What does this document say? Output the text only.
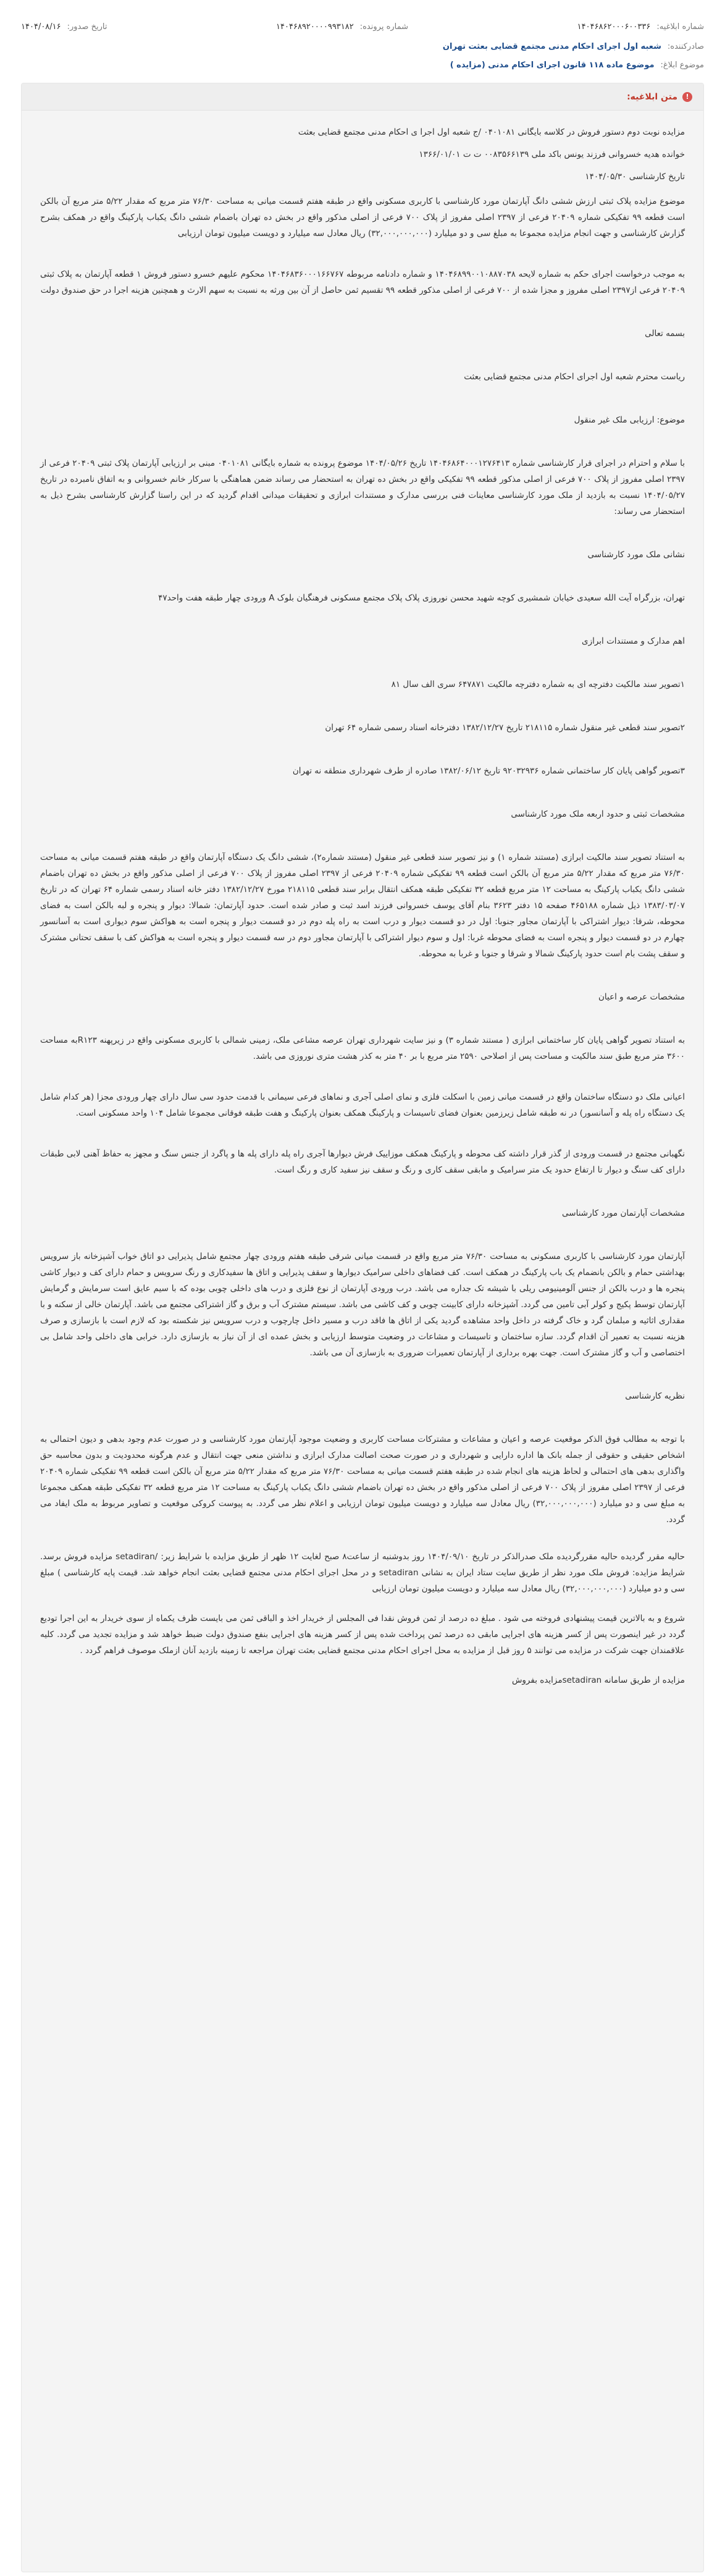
شماره ابلاغیه:
۱۴۰۴۶۸۶۲۰۰۰۶۰۰۳۳۶
شماره پرونده:
۱۴۰۴۶۸۹۲۰۰۰۰۹۹۳۱۸۲
تاریخ صدور:
۱۴۰۴/۰۸/۱۶
صادرکننده:
شعبه اول اجرای احکام مدنی مجتمع قضایی بعثت تهران
موضوع ابلاغ:
موضوع ماده ۱۱۸ قانون اجرای احکام مدنی (مزایده )
!
متن ابلاغیه:

مزایده نوبت دوم دستور فروش در کلاسه بایگانی ۰۴۰۱۰۸۱ /ج شعبه اول اجرا ی احکام مدنی مجتمع قضایی بعثت

خوانده هدیه خسروانی فرزند یونس باکد ملی ۰۰۸۳۵۶۶۱۳۹ ت ت ۱۳۶۶/۰۱/۰۱

تاریخ کارشناسی ۱۴۰۴/۰۵/۳۰

موضوع مزایده پلاک ثبتی ارزش ششی دانگ آپارتمان مورد کارشناسی با کاربری مسکونی واقع در طبقه هفتم قسمت میانی به مساحت ۷۶/۳۰ متر مربع که مقدار ۵/۲۲ متر مربع آن بالکن است قطعه ۹۹ تفکیکی شماره ۲۰۴۰۹ فرعی از ۲۳۹۷ اصلی مفروز از پلاک ۷۰۰ فرعی از اصلی مذکور واقع در بخش ده تهران باضمام ششی دانگ یکباب پارکینگ واقع در همکف بشرح گزارش کارشناسی و جهت انجام مزایده مجموعا به مبلغ سی و دو میلیارد (۳۲,۰۰۰,۰۰۰,۰۰۰) ریال معادل سه میلیارد و دویست میلیون تومان ارزیابی

به موجب درخواست اجرای حکم به شماره لایحه ۱۴۰۴۶۸۹۹۰۰۱۰۸۸۷۰۳۸ و شماره دادنامه مربوطه ۱۴۰۴۶۸۳۶۰۰۰۱۶۶۷۶۷ محکوم علیهم خسرو دستور فروش ۱ قطعه آپارتمان به پلاک ثبتی ۲۰۴۰۹ فرعی از۲۳۹۷ اصلی مفروز و مجزا شده از ۷۰۰ فرعی از اصلی مذکور قطعه ۹۹ تقسیم ثمن حاصل از آن بین ورثه به نسبت به سهم الارث و همچنین هزینه اجرا در حق صندوق دولت

بسمه تعالی

ریاست محترم شعبه اول اجرای احکام مدنی مجتمع قضایی بعثت

موضوع: ارزیابی ملک غیر منقول

با سلام و احترام در اجرای قرار کارشناسی شماره ۱۴۰۴۶۸۶۴۰۰۰۱۲۷۶۴۱۳ تاریخ ۱۴۰۴/۰۵/۲۶ موضوع پرونده به شماره بایگانی ۰۴۰۱۰۸۱ مبنی بر ارزیابی آپارتمان پلاک ثبتی ۲۰۴۰۹ فرعی از ۲۳۹۷ اصلی مفروز از پلاک ۷۰۰ فرعی از اصلی مذکور قطعه ۹۹ تفکیکی واقع در بخش ده تهران به استحضار می رساند ضمن هماهنگی با سرکار خانم خسروانی و به اتفاق نامبرده در تاریخ ۱۴۰۴/۰۵/۲۷ نسبت به بازدید از ملک مورد کارشناسی معاینات فنی بررسی مدارک و مستندات ابرازی و تحقیقات میدانی اقدام گردید که در این راستا گزارش کارشناسی بشرح ذیل به استحضار می رساند:

نشانی ملک مورد کارشناسی

تهران، بزرگراه آیت الله سعیدی خیابان شمشیری کوچه شهید محسن نوروزی پلاک پلاک مجتمع مسکونی فرهنگیان بلوک A ورودی چهار طبقه هفت واحد۴۷

اهم مدارک و مستندات ابرازی

۱تصویر سند مالکیت دفترچه ای به شماره دفترچه مالکیت ۶۴۷۸۷۱ سری الف سال ۸۱

۲تصویر سند قطعی غیر منقول شماره ۲۱۸۱۱۵ تاریخ ۱۳۸۲/۱۲/۲۷ دفترخانه اسناد رسمی شماره ۶۴ تهران

۳تصویر گواهی پایان کار ساختمانی شماره ۹۲۰۳۲۹۳۶ تاریخ ۱۳۸۲/۰۶/۱۲ صادره از طرف شهرداری منطقه نه تهران

مشخصات ثبتی و حدود اربعه ملک مورد کارشناسی

به استناد تصویر سند مالکیت ابرازی (مستند شماره ۱) و نیز تصویر سند قطعی غیر منقول (مستند شماره۲)، ششی دانگ یک دستگاه آپارتمان واقع در طبقه هفتم قسمت میانی به مساحت ۷۶/۳۰ متر مربع که مقدار ۵/۲۲ متر مربع آن بالکن است قطعه ۹۹ تفکیکی شماره ۲۰۴۰۹ فرعی از ۲۳۹۷ اصلی مفروز از پلاک ۷۰۰ فرعی از اصلی مذکور واقع در بخش ده تهران باضمام ششی دانگ یکباب پارکینگ به مساحت ۱۲ متر مربع قطعه ۳۲ تفکیکی طبقه همکف انتقال برابر سند قطعی ۲۱۸۱۱۵ مورخ ۱۳۸۲/۱۲/۲۷ دفتر خانه اسناد رسمی شماره ۶۴ تهران که در تاریخ ۱۳۸۳/۰۳/۰۷ ذیل شماره ۴۶۵۱۸۸ صفحه ۱۵ دفتر ۳۶۲۳ بنام آقای یوسف خسروانی فرزند اسد ثبت و صادر شده است. حدود آپارتمان: شمالا: دیوار و پنجره و لبه بالکن است به فضای محوطه، شرقا: دیوار اشتراکی با آپارتمان مجاور جنوبا: اول در دو قسمت دیوار و درب است به راه پله دوم در دو قسمت دیوار و پنجره است به هواکش سوم دیواری است به آسانسور چهارم در دو قسمت دیوار و پنجره است به فضای محوطه غربا: اول و سوم دیوار اشتراکی با آپارتمان مجاور دوم در سه قسمت دیوار و پنجره است به هواکش کف با سقف تحتانی مشترک و سقف پشت بام است حدود پارکینگ شمالا و شرقا و جنوبا و غربا به محوطه.

مشخصات عرصه و اعیان

به استناد تصویر گواهی پایان کار ساختمانی ابرازی ( مستند شماره ۳) و نیز سایت شهرداری تهران عرصه مشاعی ملک، زمینی شمالی با کاربری مسکونی واقع در زیرپهنه R۱۲۳به مساحت ۳۶۰۰ متر مربع طبق سند مالکیت و مساحت پس از اصلاحی ۲۵۹۰ متر مربع با بر ۴۰ متر به کذر هشت متری نوروزی می باشد.

اعیانی ملک دو دستگاه ساختمان واقع در قسمت میانی زمین با اسکلت فلزی و نمای اصلی آجری و نماهای فرعی سیمانی با قدمت حدود سی سال دارای چهار ورودی مجزا (هر کدام شامل یک دستگاه راه پله و آسانسور) در نه طبقه شامل زیرزمین بعنوان فضای تاسیسات و پارکینگ همکف بعنوان پارکینگ و هفت طبقه فوقانی مجموعا شامل ۱۰۴ واحد مسکونی است.

نگهبانی مجتمع در قسمت ورودی از گذر قرار داشته کف محوطه و پارکینگ همکف موزاییک فرش دیوارها آجری راه پله دارای پله ها و پاگرد از جنس سنگ و مجهز به حفاظ آهنی لابی طبقات دارای کف سنگ و دیوار تا ارتفاع حدود یک متر سرامیک و مابقی سقف کاری و رنگ و سقف نیز سفید کاری و رنگ است.

مشخصات آپارتمان مورد کارشناسی

آپارتمان مورد کارشناسی با کاربری مسکونی به مساحت ۷۶/۳۰ متر مربع واقع در قسمت میانی شرقی طبقه هفتم ورودی چهار مجتمع شامل پذیرایی دو اتاق خواب آشپزخانه باز سرویس بهداشتی حمام و بالکن بانضمام یک باب پارکینگ در همکف است. کف فضاهای داخلی سرامیک دیوارها و سقف پذیرایی و اتاق ها سفیدکاری و رنگ سرویس و حمام دارای کف و دیوار کاشی پنجره ها و درب بالکن از جنس آلومینیومی ریلی با شیشه تک جداره می باشد. درب ورودی آپارتمان از نوع فلزی و درب های داخلی چوبی بوده که با سیم عایق است سرمایش و گرمایش آپارتمان توسط پکیج و کولر آبی تامین می گردد. آشپزخانه دارای کابینت چوبی و کف کاشی می باشد. سیستم مشترک آب و برق و گاز اشتراکی مجتمع می باشد. آپارتمان خالی از سکنه و با مقداری اثاثیه و مبلمان گرد و خاک گرفته در داخل واحد مشاهده گردید یکی از اتاق ها فاقد درب و مسیر داخل چارچوب و درب سرویس نیز شکسته بود که لازم است با بازسازی و صرف هزینه نسبت به تعمیر آن اقدام گردد. سازه ساختمان و تاسیسات و مشاعات در وضعیت متوسط ارزیابی و بخش عمده ای از آن نیاز به بازسازی دارد. خرابی های داخلی واحد شامل بی اختصاصی و آب و گاز مشترک است. جهت بهره برداری از آپارتمان تعمیرات ضروری به بازسازی آن می باشد.

نظریه کارشناسی

با توجه به مطالب فوق الذکر موقعیت عرصه و اعیان و مشاعات و مشترکات مساحت کاربری و وضعیت موجود آپارتمان مورد کارشناسی و در صورت عدم وجود بدهی و دیون احتمالی به اشخاص حقیقی و حقوقی از جمله بانک ها اداره دارایی و شهرداری و در صورت صحت اصالت مدارک ابرازی و نداشتن منعی جهت انتقال و عدم هرگونه محدودیت و بدون محاسبه حق واگذاری بدهی های احتمالی و لحاظ هزینه های انجام شده در طبقه هفتم قسمت میانی به مساحت ۷۶/۳۰ متر مربع که مقدار ۵/۲۲ متر مربع آن بالکن است قطعه ۹۹ تفکیکی شماره ۲۰۴۰۹ فرعی از ۲۳۹۷ اصلی مفروز از پلاک ۷۰۰ فرعی از اصلی مذکور واقع در بخش ده تهران باضمام ششی دانگ یکباب پارکینگ به مساحت ۱۲ متر مربع قطعه ۳۲ تفکیکی طبقه همکف مجموعا به مبلغ سی و دو میلیارد (۳۲,۰۰۰,۰۰۰,۰۰۰) ریال معادل سه میلیارد و دویست میلیون تومان ارزیابی و اعلام نظر می گردد. به پیوست کروکی موقعیت و تصاویر مربوط به ملک ایفاد می گردد.

حالیه مقرر گردیده حالیه مقررگردیده ملک صدرالذکر در تاریخ ۱۴۰۴/۰۹/۱۰ روز بدوشنبه از ساعت۸ صبح لغایت ۱۲ ظهر از طریق مزایده با شرایط زیر: /setadiran مزایده فروش برسد. شرایط مزایده: فروش ملک مورد نظر از طریق سایت ستاد ایران به نشانی setadiran و در محل اجرای احکام مدنی مجتمع قضایی بعثت انجام خواهد شد. قیمت پایه کارشناسی ) مبلغ سی و دو میلیارد (۳۲,۰۰۰,۰۰۰,۰۰۰) ریال معادل سه میلیارد و دویست میلیون تومان ارزیابی

شروع و به بالاترین قیمت پیشنهادی فروخته می شود . مبلغ ده درصد از ثمن فروش نقدا فی المجلس از خریدار اخذ و الباقی ثمن می بایست ظرف یکماه از سوی خریدار به این اجرا تودیع گردد در غیر اینصورت پس از کسر هزینه های اجرایی مابقی ده درصد ثمن پرداخت شده پس از کسر هزینه های اجرایی بنفع صندوق دولت ضبط خواهد شد و مزایده تجدید می گردد. کلیه علاقمندان جهت شرکت در مزایده می توانند ۵ روز قبل از مزایده به محل اجرای احکام مدنی مجتمع قضایی بعثت تهران مراجعه تا زمینه بازدید آنان ازملک موصوف فراهم گردد .

مزایده از طریق سامانه setadiranمزایده بفروش
